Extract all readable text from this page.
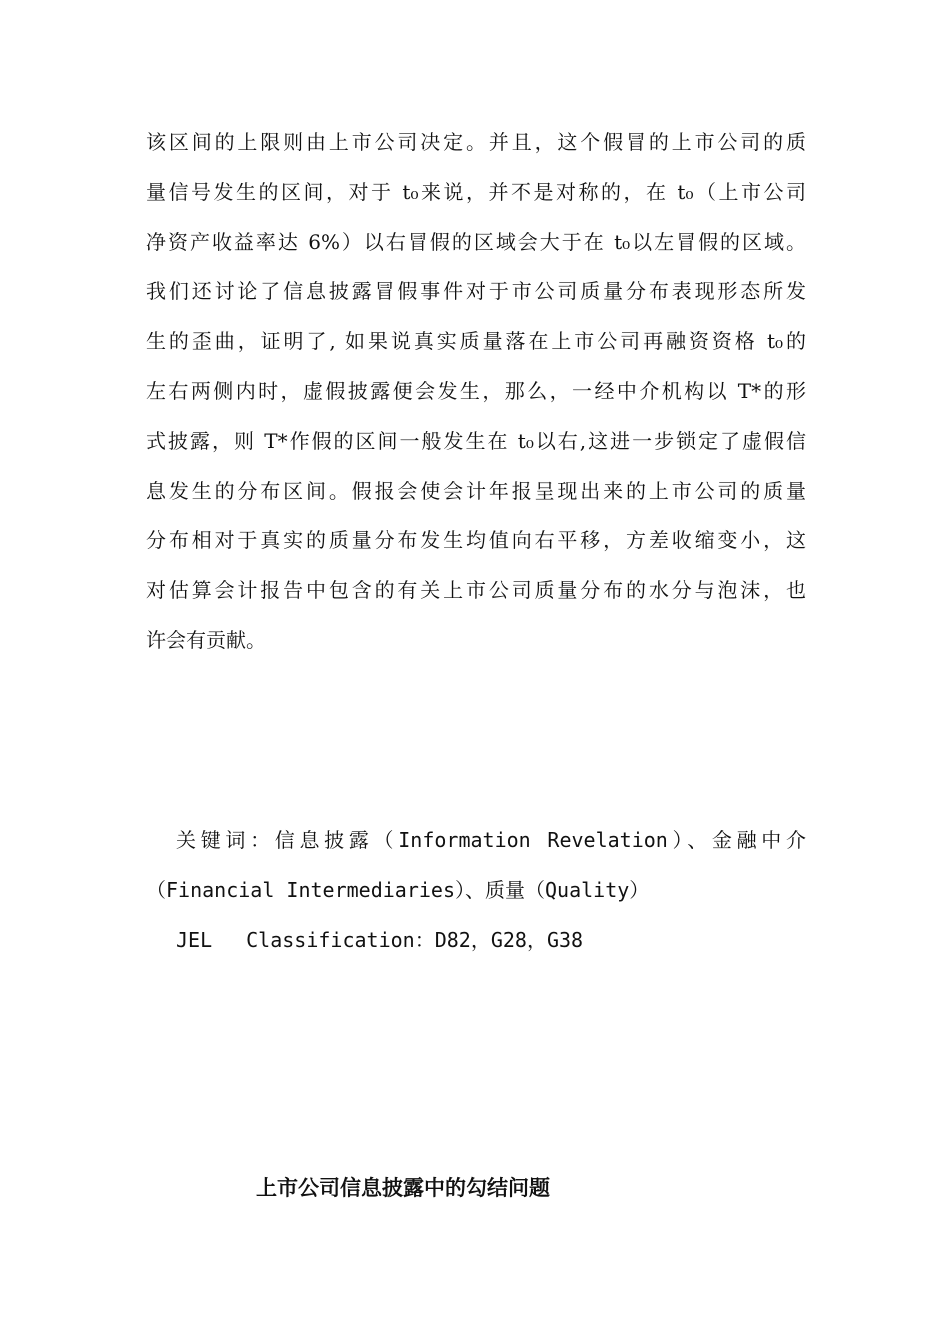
该区间的上限则由上市公司决定。并且，这个假冒的上市公司的质
量信号发生的区间，对于 t₀来说，并不是对称的，在 t₀（上市公司
净资产收益率达 6%）以右冒假的区域会大于在 t₀以左冒假的区域。
我们还讨论了信息披露冒假事件对于市公司质量分布表现形态所发
生的歪曲，证明了, 如果说真实质量落在上市公司再融资资格 t₀的
左右两侧内时，虚假披露便会发生，那么，一经中介机构以 T*的形
式披露，则 T*作假的区间一般发生在 t₀以右,这进一步锁定了虚假信
息发生的分布区间。假报会使会计年报呈现出来的上市公司的质量
分布相对于真实的质量分布发生均值向右平移，方差收缩变小，这
对估算会计报告中包含的有关上市公司质量分布的水分与泡沫，也
许会有贡献。
关键词：信息披露（Information Revelation）、金融中介
（Financial Intermediaries）、质量（Quality）
JEL Classification：D82，G28，G38
上市公司信息披露中的勾结问题
